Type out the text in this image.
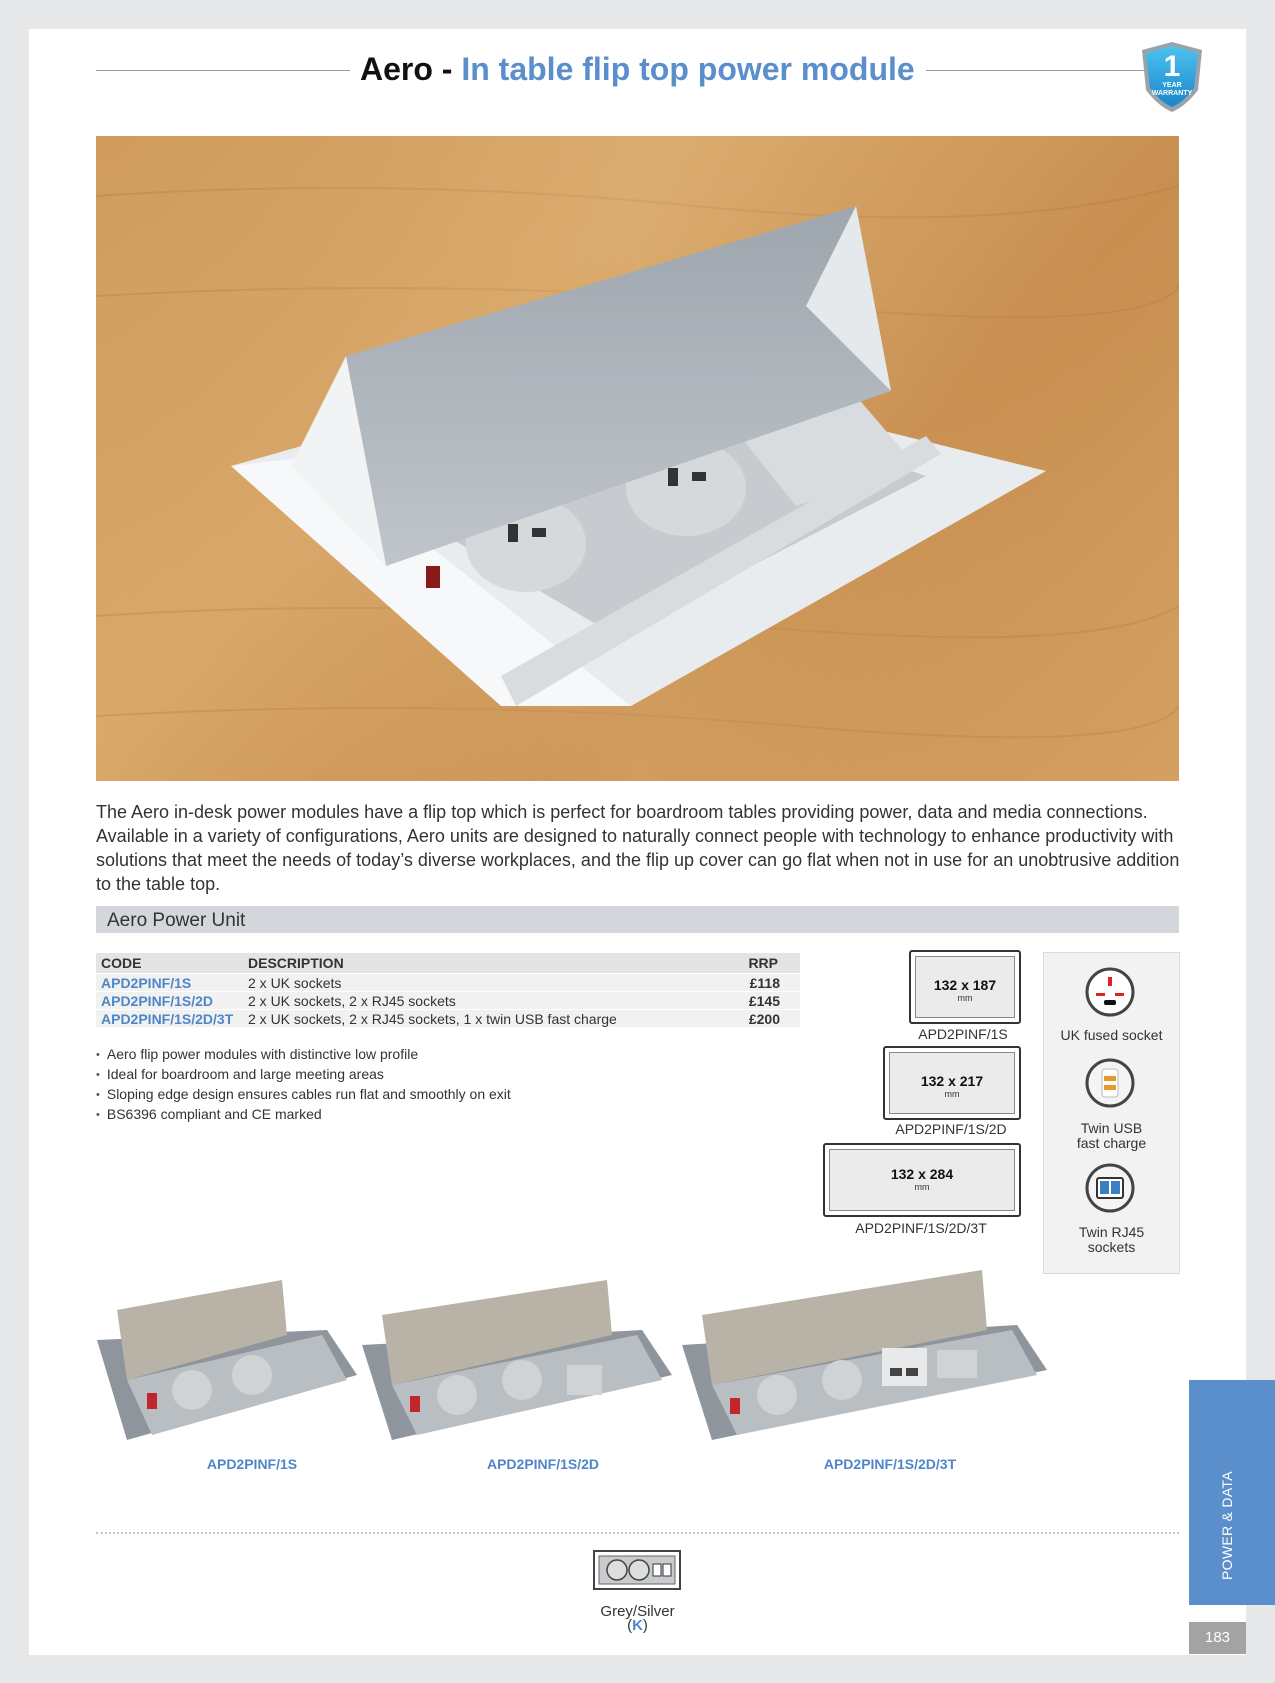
Aero - In table flip top power module	1
YEAR
WARRANTY

The Aero in-desk power modules have a flip top which is perfect for boardroom tables providing power, data and media connections. Available in a variety of configurations, Aero units are designed to naturally connect people with technology to enhance productivity with solutions that meet the needs of today’s diverse workplaces, and the flip up cover can go flat when not in use for an unobtrusive addition to the table top.

Aero Power Unit
CODE	DESCRIPTION	RRP
APD2PINF/1S	2 x UK sockets	£118
APD2PINF/1S/2D	2 x UK sockets, 2 x RJ45 sockets	£145
APD2PINF/1S/2D/3T	2 x UK sockets, 2 x RJ45 sockets, 1 x twin USB fast charge	£200
• Aero flip power modules with distinctive low profile
• Ideal for boardroom and large meeting areas
• Sloping edge design ensures cables run flat and smoothly on exit
• BS6396 compliant and CE marked
132 x 187
mm
APD2PINF/1S
132 x 217
mm
APD2PINF/1S/2D
132 x 284
mm
APD2PINF/1S/2D/3T
UK fused socket
Twin USB
fast charge
Twin RJ45
sockets
APD2PINF/1S	APD2PINF/1S/2D	APD2PINF/1S/2D/3T
POWER & DATA
Grey/Silver
(K)
183
